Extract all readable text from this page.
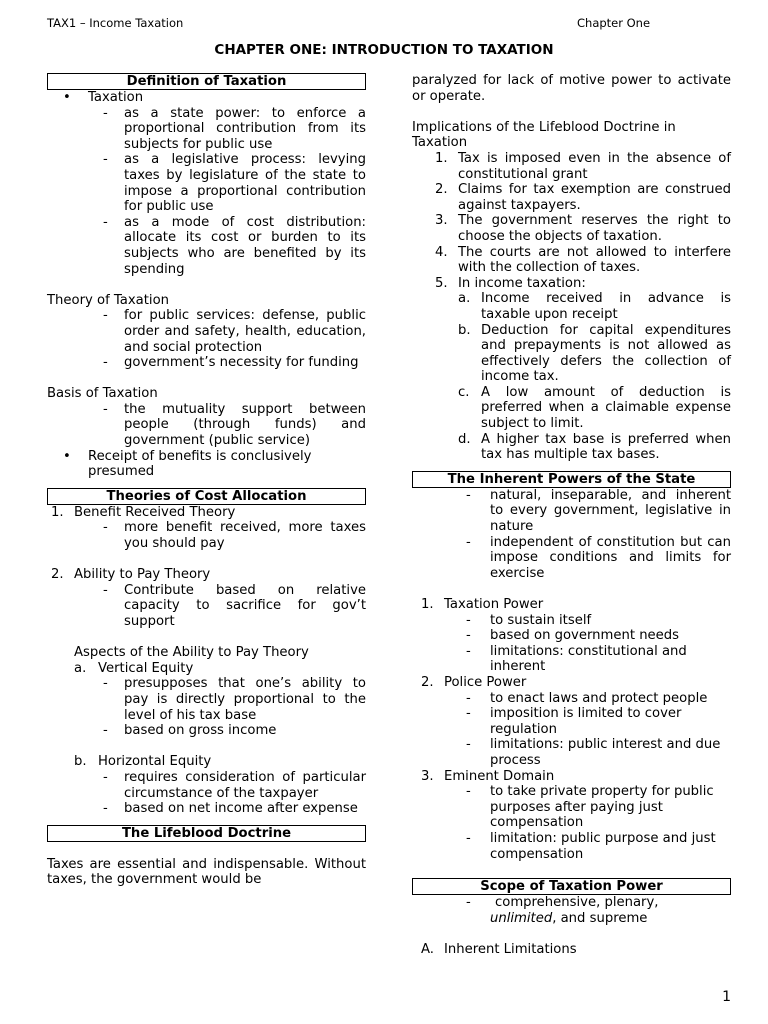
TAX1 – Income Taxation	Chapter One
CHAPTER ONE: INTRODUCTION TO TAXATION
Definition of Taxation
• Taxation
- as a state power: to enforce a proportional contribution from its subjects for public use
- as a legislative process: levying taxes by legislature of the state to impose a proportional contribution for public use
- as a mode of cost distribution: allocate its cost or burden to its subjects who are benefited by its spending

Theory of Taxation

- for public services: defense, public order and safety, health, education, and social protection
- government’s necessity for funding

Basis of Taxation

- the mutuality support between people (through funds) and government (public service)
• Receipt of benefits is conclusively presumed
Theories of Cost Allocation
1. Benefit Received Theory
- more benefit received, more taxes you should pay
2. Ability to Pay Theory
- Contribute based on relative capacity to sacrifice for gov’t support

Aspects of the Ability to Pay Theory

a. Vertical Equity
- presupposes that one’s ability to pay is directly proportional to the level of his tax base
- based on gross income
b. Horizontal Equity
- requires consideration of particular circumstance of the taxpayer
- based on net income after expense
The Lifeblood Doctrine

Taxes are essential and indispensable. Without taxes, the government would be

paralyzed for lack of motive power to activate or operate.

Implications of the Lifeblood Doctrine in Taxation

1. Tax is imposed even in the absence of constitutional grant
2. Claims for tax exemption are construed against taxpayers.
3. The government reserves the right to choose the objects of taxation.
4. The courts are not allowed to interfere with the collection of taxes.
5. In income taxation:
a. Income received in advance is taxable upon receipt
b. Deduction for capital expenditures and prepayments is not allowed as effectively defers the collection of income tax.
c. A low amount of deduction is preferred when a claimable expense subject to limit.
d. A higher tax base is preferred when tax has multiple tax bases.
The Inherent Powers of the State
- natural, inseparable, and inherent to every government, legislative in nature
- independent of constitution but can impose conditions and limits for exercise
1. Taxation Power
- to sustain itself
- based on government needs
- limitations: constitutional and inherent
2. Police Power
- to enact laws and protect people
- imposition is limited to cover regulation
- limitations: public interest and due process
3. Eminent Domain
- to take private property for public purposes after paying just compensation
- limitation: public purpose and just compensation
Scope of Taxation Power
- comprehensive, plenary,
unlimited, and supreme
A. Inherent Limitations
1
